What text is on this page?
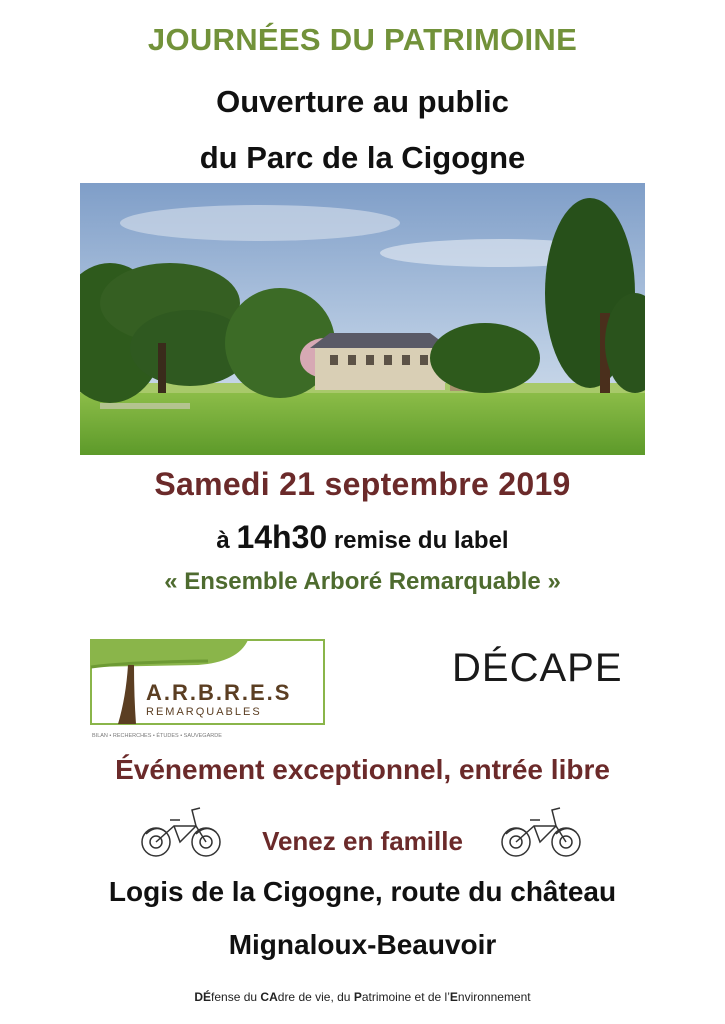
JOURNÉES DU PATRIMOINE
Ouverture au public
du Parc de la Cigogne
Samedi 21 septembre 2019
à 14h30 remise du label
« Ensemble Arboré Remarquable »
A.R.B.R.E.S
REMARQUABLES
BILAN • RECHERCHES • ÉTUDES • SAUVEGARDE
DÉCAPE
Événement exceptionnel, entrée libre
Venez en famille
Logis de la Cigogne, route du château
Mignaloux-Beauvoir
DÉfense du CAdre de vie, du Patrimoine et de l’Environnement
